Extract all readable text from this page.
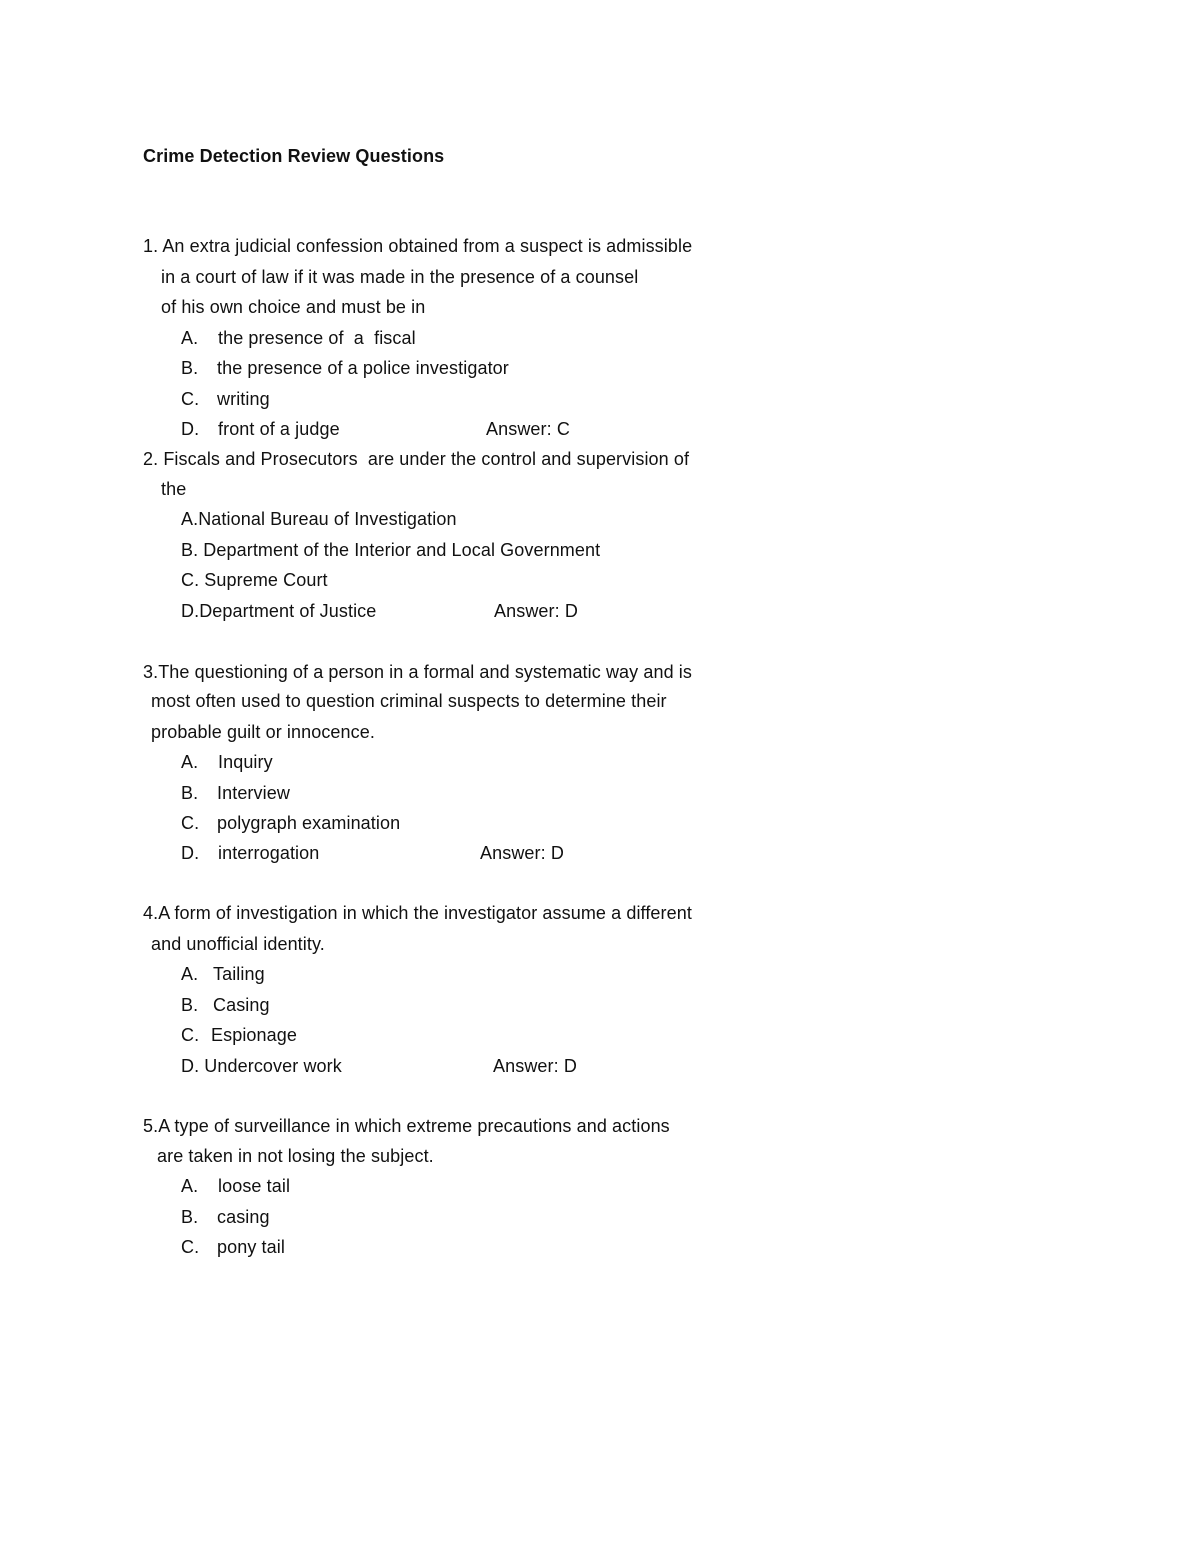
Crime Detection Review Questions
1. An extra judicial confession obtained from a suspect is admissible
in a court of law if it was made in the presence of a counsel
of his own choice and must be in
A. the presence of  a  fiscal
B. the presence of a police investigator
C. writing
D. front of a judge	Answer: C
2. Fiscals and Prosecutors  are under the control and supervision of
the
A.National Bureau of Investigation
B. Department of the Interior and Local Government
C. Supreme Court
D.Department of Justice	Answer: D
3.The questioning of a person in a formal and systematic way and is
most often used to question criminal suspects to determine their
probable guilt or innocence.
A. Inquiry
B. Interview
C. polygraph examination
D. interrogation	Answer: D
4.A form of investigation in which the investigator assume a different
and unofficial identity.
A. Tailing
B. Casing
C. Espionage
D. Undercover work	Answer: D
5.A type of surveillance in which extreme precautions and actions
are taken in not losing the subject.
A. loose tail
B. casing
C. pony tail
